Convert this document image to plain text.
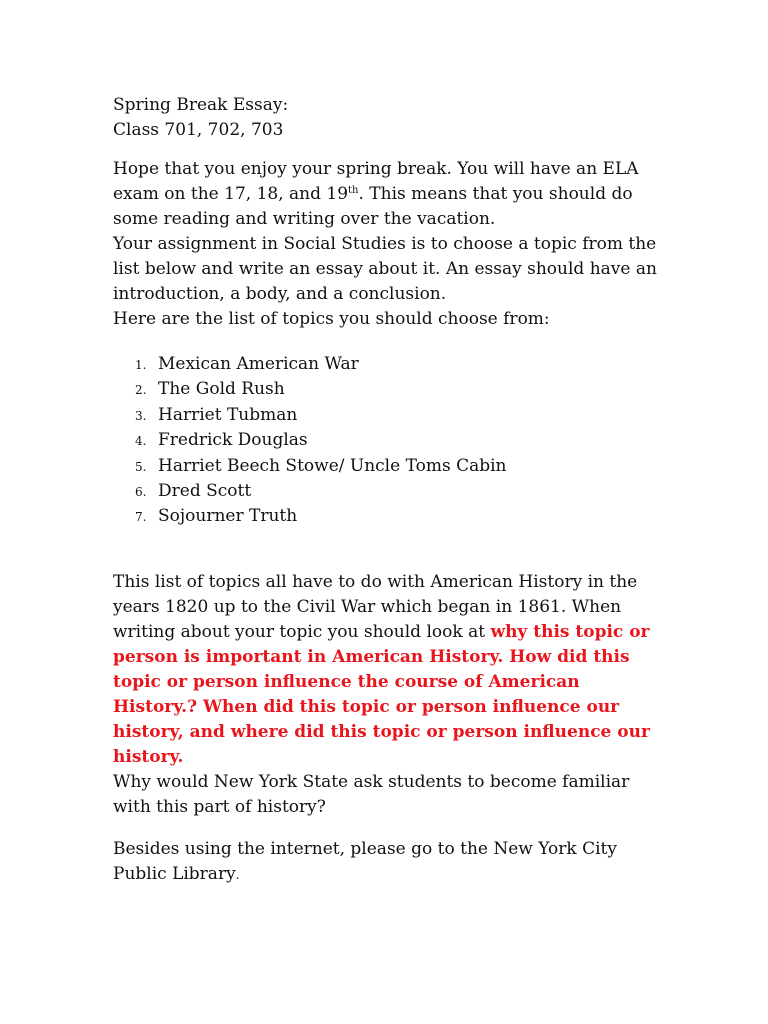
Spring Break Essay:

Class 701, 702, 703

Hope that you enjoy your spring break. You will have an ELA exam on the 17, 18, and 19th. This means that you should do some reading and writing over the vacation.

Your assignment in Social Studies is to choose a topic from the list below and write an essay about it. An essay should have an introduction, a body, and a conclusion.

Here are the list of topics you should choose from:

1. Mexican American War
2. The Gold Rush
3. Harriet Tubman
4. Fredrick Douglas
5. Harriet Beech Stowe/ Uncle Toms Cabin
6. Dred Scott
7. Sojourner Truth

This list of topics all have to do with American History in the years 1820 up to the Civil War which began in 1861. When writing about your topic you should look at why this topic or person is important in American History. How did this topic or person influence the course of American History.? When did this topic or person influence our history, and where did this topic or person influence our history.

Why would New York State ask students to become familiar with this part of history?

Besides using the internet, please go to the New York City Public Library.
